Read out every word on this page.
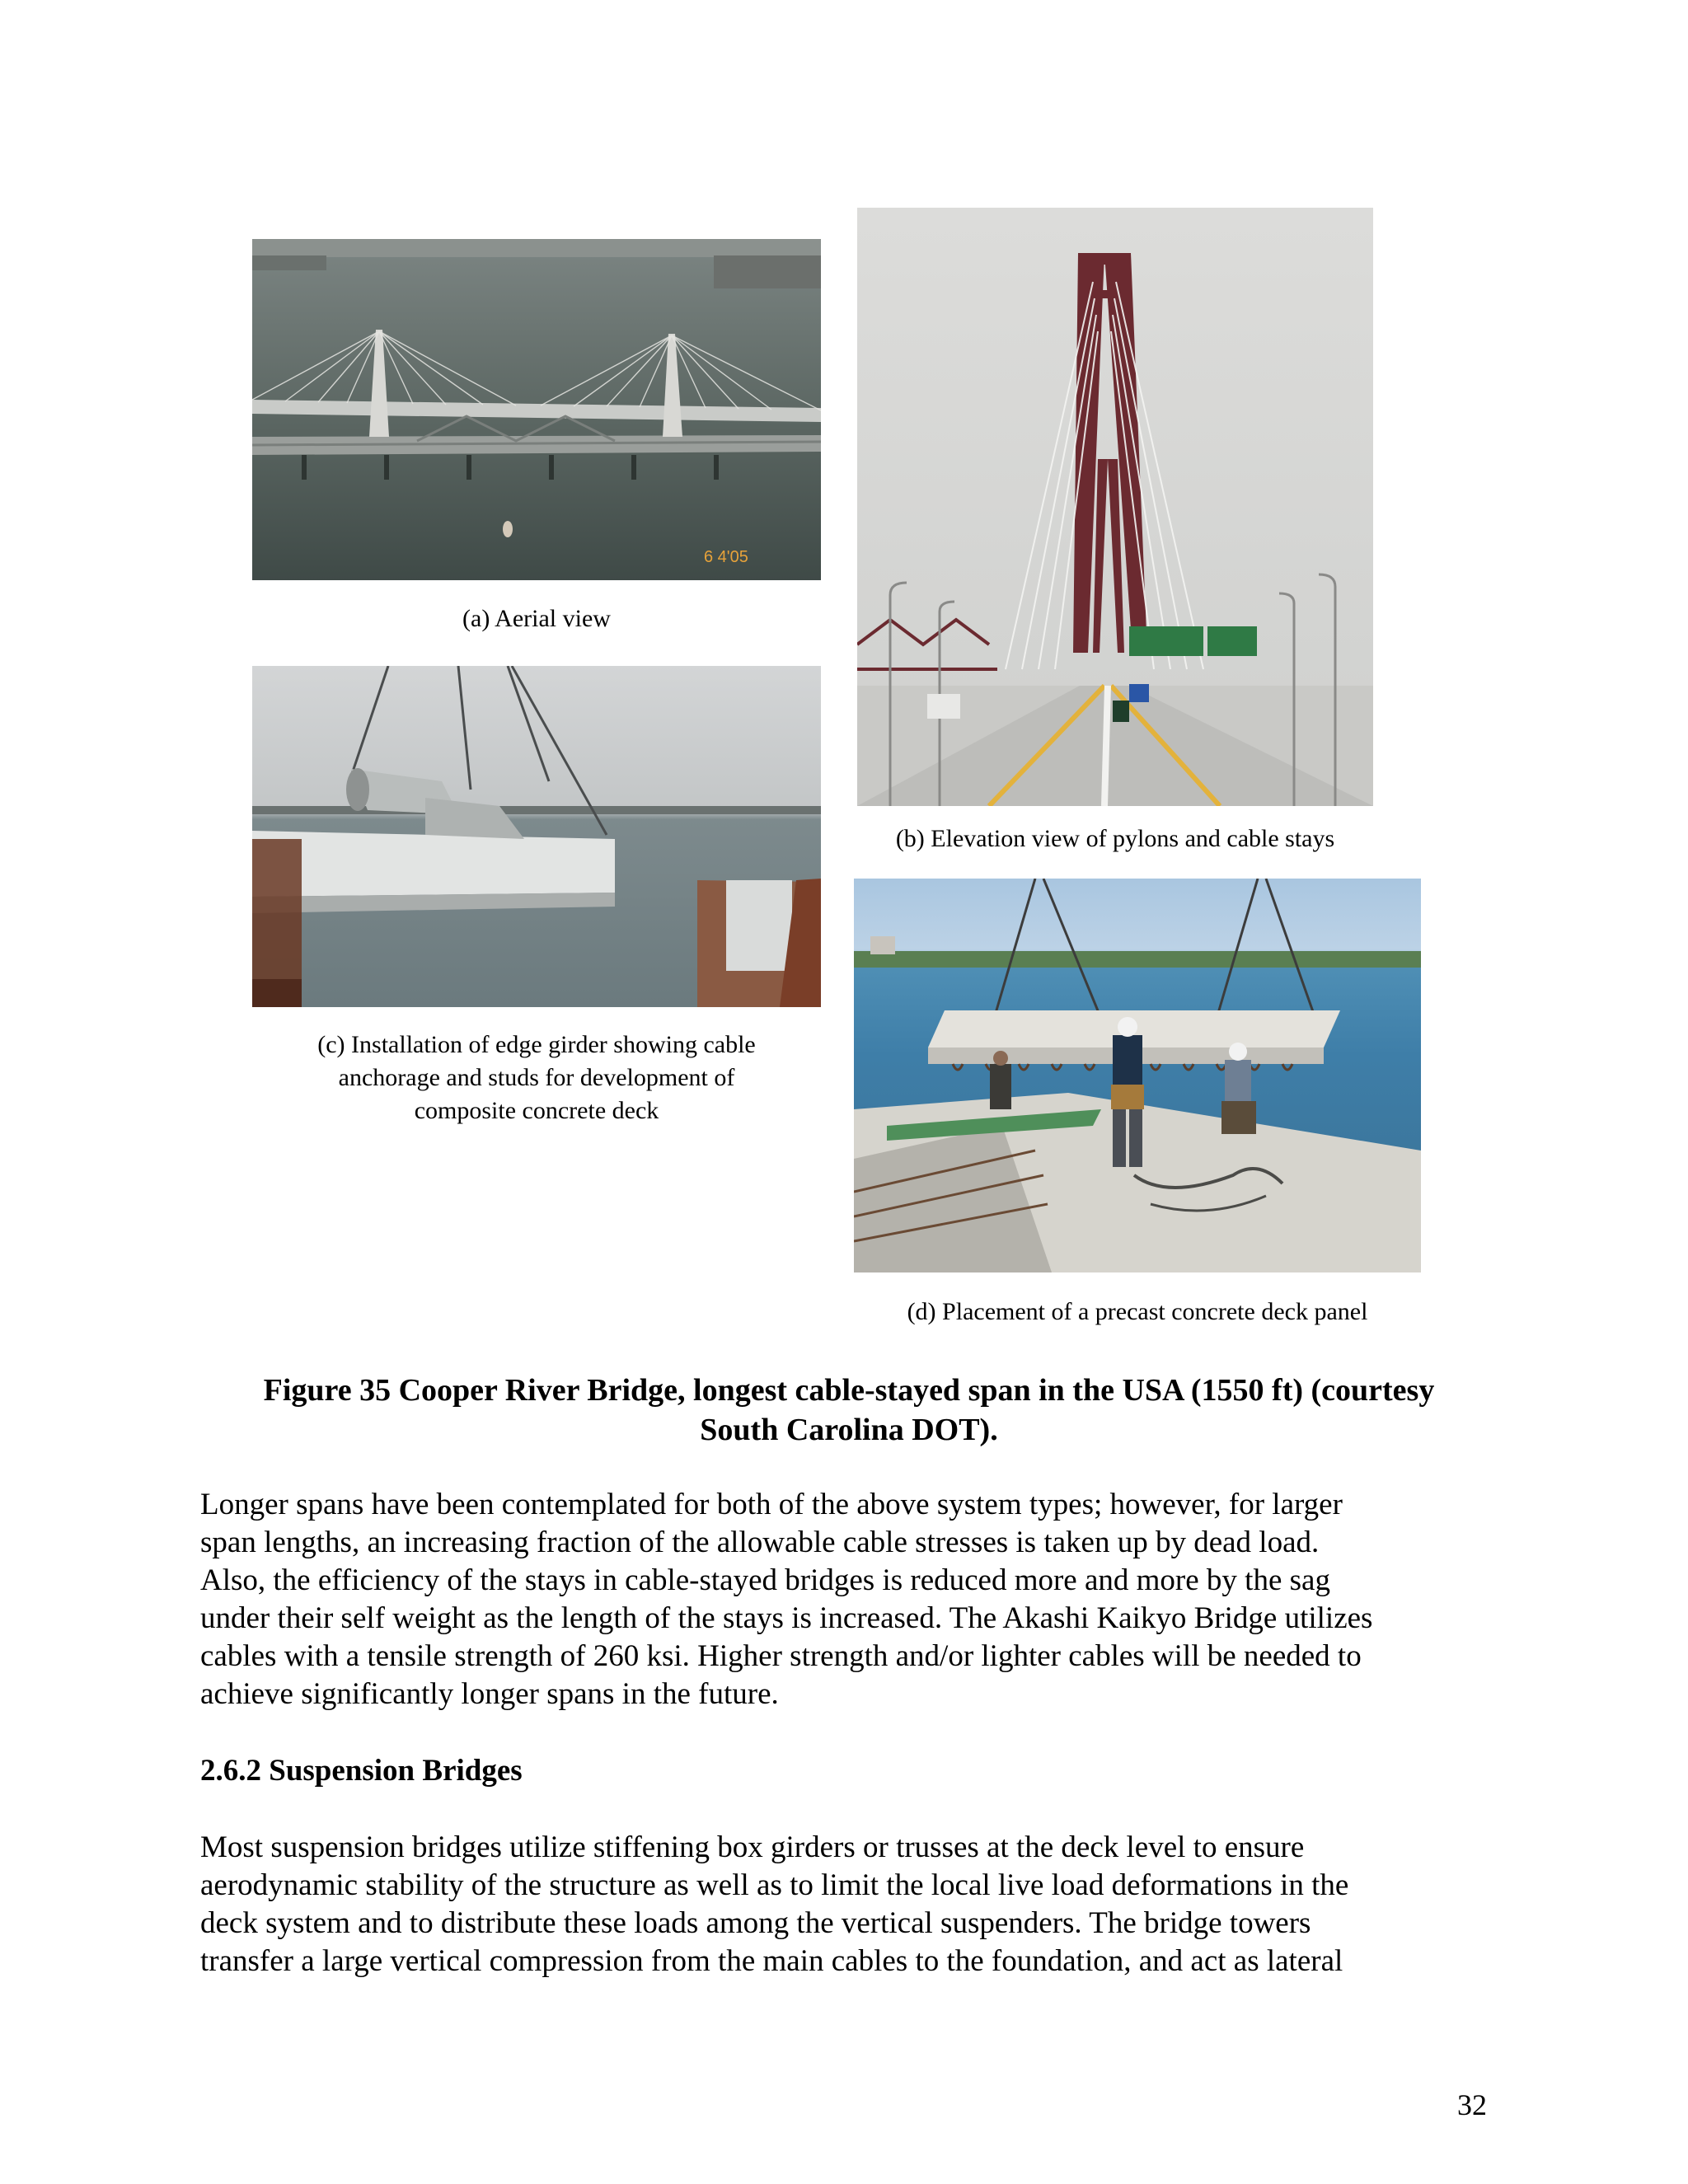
6 4'05
(a) Aerial view
(b) Elevation view of pylons and cable stays
(c) Installation of edge girder showing cable
anchorage and studs for development of
composite concrete deck
(d) Placement of a precast concrete deck panel
Figure 35 Cooper River Bridge, longest cable-stayed span in the USA (1550 ft) (courtesy
South Carolina DOT).
Longer spans have been contemplated for both of the above system types; however, for larger
span lengths, an increasing fraction of the allowable cable stresses is taken up by dead load.
Also, the efficiency of the stays in cable-stayed bridges is reduced more and more by the sag
under their self weight as the length of the stays is increased. The Akashi Kaikyo Bridge utilizes
cables with a tensile strength of 260 ksi. Higher strength and/or lighter cables will be needed to
achieve significantly longer spans in the future.
2.6.2 Suspension Bridges
Most suspension bridges utilize stiffening box girders or trusses at the deck level to ensure
aerodynamic stability of the structure as well as to limit the local live load deformations in the
deck system and to distribute these loads among the vertical suspenders. The bridge towers
transfer a large vertical compression from the main cables to the foundation, and act as lateral
32
